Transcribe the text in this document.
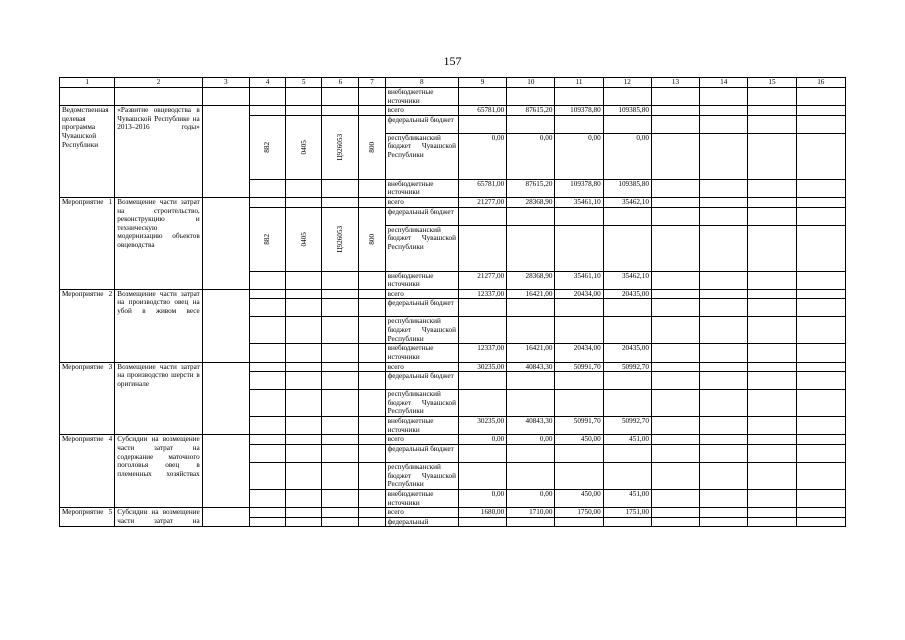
157
1	2	3	4	5	6	7	8	9	10	11	12	13	14	15	16
							внебюджетные источники								
Ведомственная целевая программа Чувашской Республики	«Развитие овцеводства в Чувашской Республике на 2013–2016 годы»						всего	65781,00	87615,20	109378,80	109385,80				
			882	0405	Ц926053	800	федеральный бюджет								
							республиканский бюджет Чувашской Республики	0,00	0,00	0,00	0,00				
							внебюджетные источники	65781,00	87615,20	109378,80	109385,80				
Мероприятие 1	Возмещение части затрат на строительство, реконструкцию и техническую модернизацию объектов овцеводства						всего	21277,00	28368,90	35461,10	35462,10				
			882	0405	Ц926053	800	федеральный бюджет								
							республиканский бюджет Чувашской Республики								
							внебюджетные источники	21277,00	28368,90	35461,10	35462,10				
Мероприятие 2	Возмещение части затрат на производство овец на убой в живом весе						всего	12337,00	16421,00	20434,00	20435,00				
							федеральный бюджет								
							республиканский бюджет Чувашской Республики								
							внебюджетные источники	12337,00	16421,00	20434,00	20435,00				
Мероприятие 3	Возмещение части затрат на производство шерсти в оригинале						всего	30235,00	40843,30	50991,70	50992,70				
							федеральный бюджет								
							республиканский бюджет Чувашской Республики								
							внебюджетные источники	30235,00	40843,30	50991,70	50992,70				
Мероприятие 4	Субсидии на возмещение части затрат на содержание маточного поголовья овец в племенных хозяйствах						всего	0,00	0,00	450,00	451,00				
							федеральный бюджет								
							республиканский бюджет Чувашской Республики								
							внебюджетные источники	0,00	0,00	450,00	451,00				
Мероприятие 5	Субсидии на возмещение части затрат на						всего	1680,00	1710,00	1750,00	1751,00				
							федеральный								
